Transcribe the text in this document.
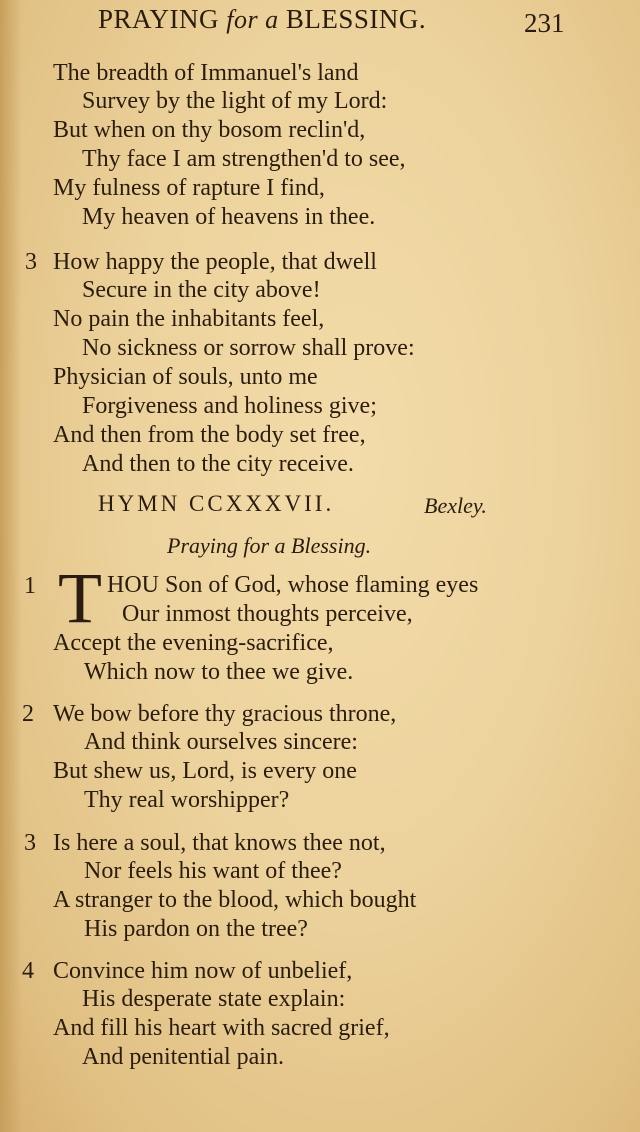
PRAYING for a BLESSING.	231
The breadth of Immanuel's land
Survey by the light of my Lord:
But when on thy bosom reclin'd,
Thy face I am strengthen'd to see,
My fulness of rapture I find,
My heaven of heavens in thee.
3 How happy the people, that dwell
Secure in the city above!
No pain the inhabitants feel,
No sickness or sorrow shall prove:
Physician of souls, unto me
Forgiveness and holiness give;
And then from the body set free,
And then to the city receive.
HYMN CCXXXVII.	Bexley.
Praying for a Blessing.
1 T HOU Son of God, whose flaming eyes
Our inmost thoughts perceive,
Accept the evening-sacrifice,
Which now to thee we give.
2 We bow before thy gracious throne,
And think ourselves sincere:
But shew us, Lord, is every one
Thy real worshipper?
3 Is here a soul, that knows thee not,
Nor feels his want of thee?
A stranger to the blood, which bought
His pardon on the tree?
4 Convince him now of unbelief,
His desperate state explain:
And fill his heart with sacred grief,
And penitential pain.
